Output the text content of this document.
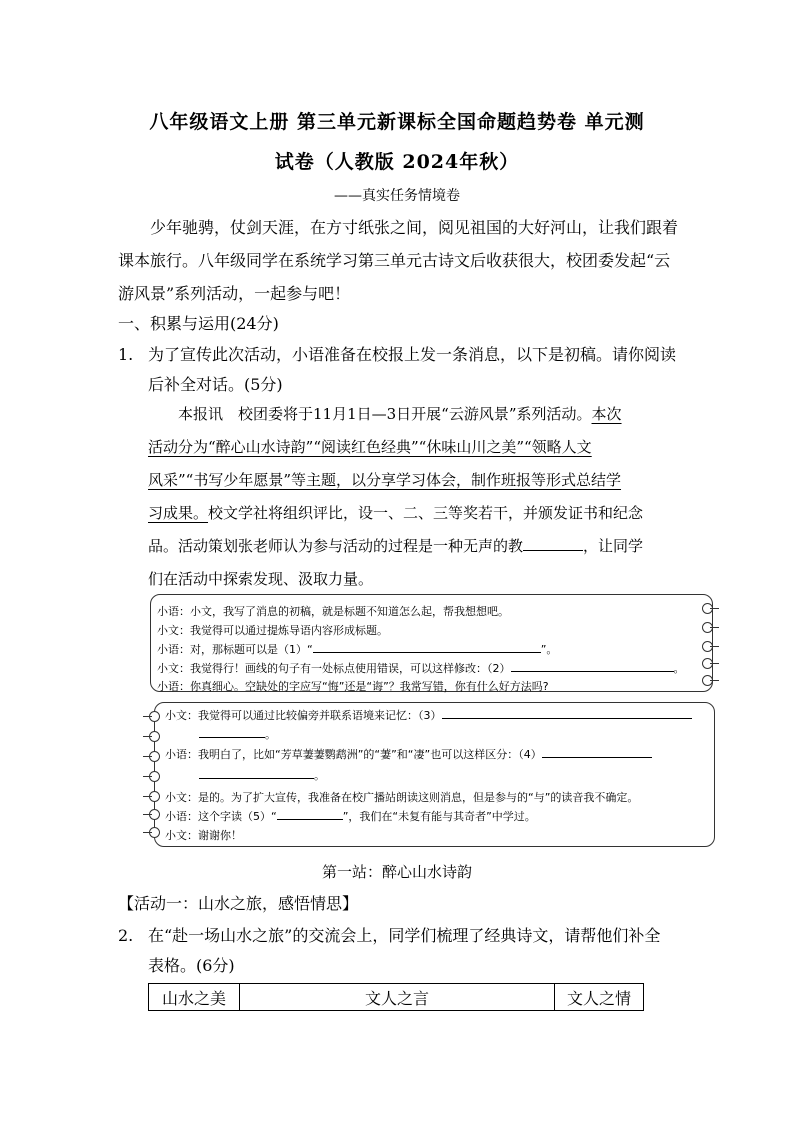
八年级语文上册 第三单元新课标全国命题趋势卷 单元测
试卷（人教版 2024年秋）
——真实任务情境卷
少年驰骋，仗剑天涯，在方寸纸张之间，阅见祖国的大好河山，让我们跟着
课本旅行。八年级同学在系统学习第三单元古诗文后收获很大，校团委发起“云
游风景”系列活动，一起参与吧！
一、积累与运用(24分)
1. 为了宣传此次活动，小语准备在校报上发一条消息，以下是初稿。请你阅读
后补全对话。(5分)
本报讯　校团委将于11月1日—3日开展“云游风景”系列活动。本次
活动分为“醉心山水诗韵”“阅读红色经典”“休味山川之美”“领略人文
风采”“书写少年愿景”等主题，以分享学习体会，制作班报等形式总结学
习成果。校文学社将组织评比，设一、二、三等奖若干，并颁发证书和纪念
品。活动策划张老师认为参与活动的过程是一种无声的教	，让同学
们在活动中探索发现、汲取力量。
小语：小文，我写了消息的初稿，就是标题不知道怎么起，帮我想想吧。
小文：我觉得可以通过提炼导语内容形成标题。
小语：对，那标题可以是（1）“	”。
小文：我觉得行！画线的句子有一处标点使用错误，可以这样修改：（2）	。
小语：你真细心。空缺处的字应写“悔”还是“诲”？我常写错，你有什么好方法吗?
小文：我觉得可以通过比较偏旁并联系语境来记忆：（3）
。
小语：我明白了，比如“芳草萋萋鹦鹉洲”的“萋”和“凄”也可以这样区分：（4）
。
小文：是的。为了扩大宣传，我准备在校广播站朗读这则消息，但是参与的“与”的读音我不确定。
小语：这个字读（5）“	”，我们在“未复有能与其奇者”中学过。
小文：谢谢你！
第一站：醉心山水诗韵
【活动一：山水之旅，感悟情思】
2. 在“赴一场山水之旅”的交流会上，同学们梳理了经典诗文，请帮他们补全
表格。(6分)
山水之美	文人之言	文人之情
